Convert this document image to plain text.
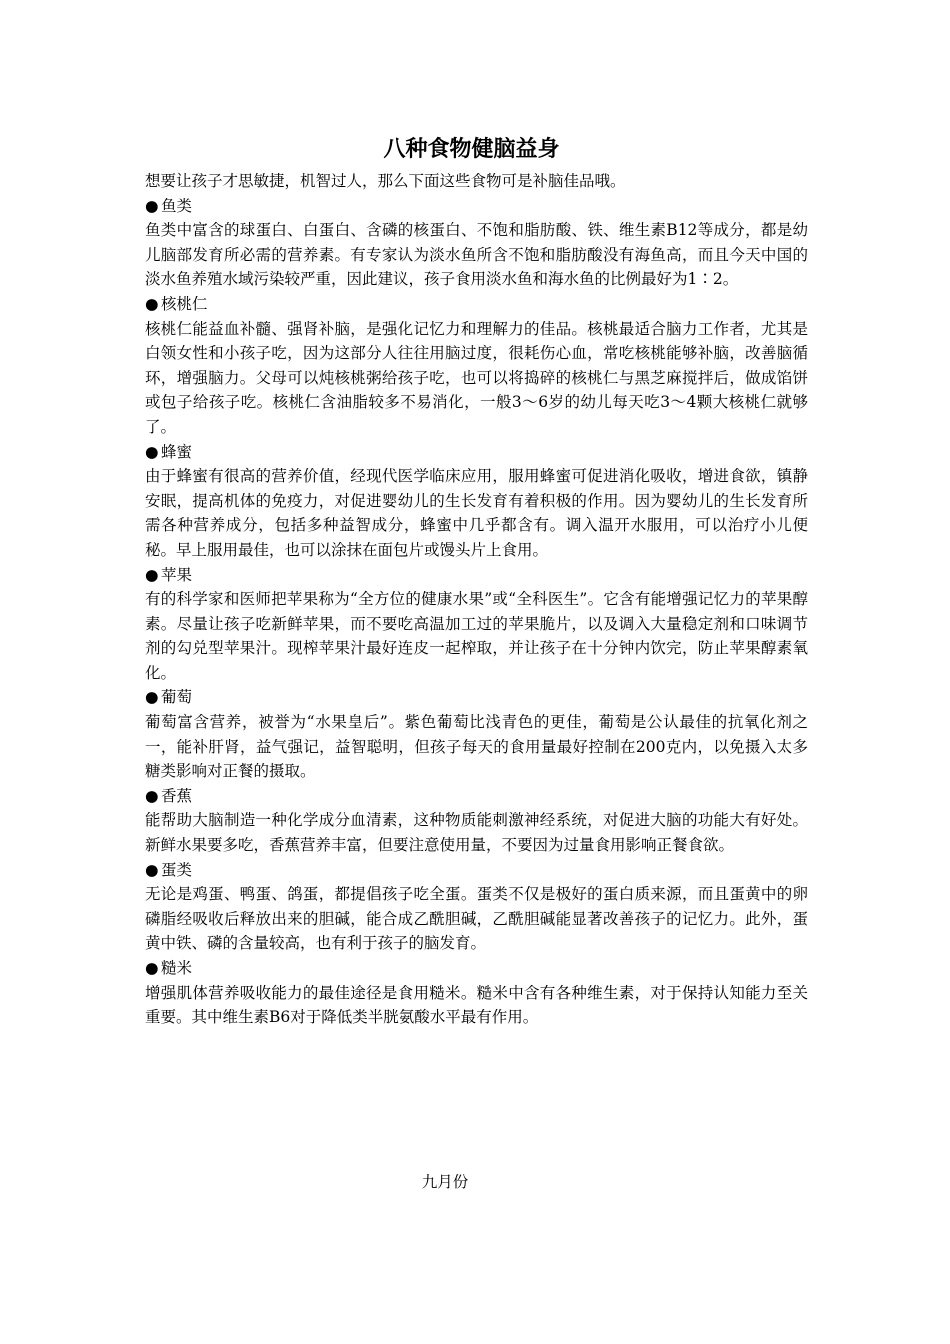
八种食物健脑益身

想要让孩子才思敏捷，机智过人，那么下面这些食物可是补脑佳品哦。

● 鱼类

鱼类中富含的球蛋白、白蛋白、含磷的核蛋白、不饱和脂肪酸、铁、维生素B12等成分，都是幼儿脑部发育所必需的营养素。有专家认为淡水鱼所含不饱和脂肪酸没有海鱼高，而且今天中国的淡水鱼养殖水域污染较严重，因此建议，孩子食用淡水鱼和海水鱼的比例最好为1∶2。

● 核桃仁

核桃仁能益血补髓、强肾补脑，是强化记忆力和理解力的佳品。核桃最适合脑力工作者，尤其是白领女性和小孩子吃，因为这部分人往往用脑过度，很耗伤心血，常吃核桃能够补脑，改善脑循环，增强脑力。父母可以炖核桃粥给孩子吃，也可以将捣碎的核桃仁与黑芝麻搅拌后，做成馅饼或包子给孩子吃。核桃仁含油脂较多不易消化，一般3～6岁的幼儿每天吃3～4颗大核桃仁就够了。

● 蜂蜜

由于蜂蜜有很高的营养价值，经现代医学临床应用，服用蜂蜜可促进消化吸收，增进食欲，镇静安眠，提高机体的免疫力，对促进婴幼儿的生长发育有着积极的作用。因为婴幼儿的生长发育所需各种营养成分，包括多种益智成分，蜂蜜中几乎都含有。调入温开水服用，可以治疗小儿便秘。早上服用最佳，也可以涂抹在面包片或馒头片上食用。

● 苹果

有的科学家和医师把苹果称为“全方位的健康水果”或“全科医生”。它含有能增强记忆力的苹果醇素。尽量让孩子吃新鲜苹果，而不要吃高温加工过的苹果脆片，以及调入大量稳定剂和口味调节剂的勾兑型苹果汁。现榨苹果汁最好连皮一起榨取，并让孩子在十分钟内饮完，防止苹果醇素氧化。

● 葡萄

葡萄富含营养，被誉为“水果皇后”。紫色葡萄比浅青色的更佳，葡萄是公认最佳的抗氧化剂之一，能补肝肾，益气强记，益智聪明，但孩子每天的食用量最好控制在200克内，以免摄入太多糖类影响对正餐的摄取。

● 香蕉

能帮助大脑制造一种化学成分血清素，这种物质能刺激神经系统，对促进大脑的功能大有好处。新鲜水果要多吃，香蕉营养丰富，但要注意使用量，不要因为过量食用影响正餐食欲。

● 蛋类

无论是鸡蛋、鸭蛋、鸽蛋，都提倡孩子吃全蛋。蛋类不仅是极好的蛋白质来源，而且蛋黄中的卵磷脂经吸收后释放出来的胆碱，能合成乙酰胆碱，乙酰胆碱能显著改善孩子的记忆力。此外，蛋黄中铁、磷的含量较高，也有利于孩子的脑发育。

● 糙米

增强肌体营养吸收能力的最佳途径是食用糙米。糙米中含有各种维生素，对于保持认知能力至关重要。其中维生素B6对于降低类半胱氨酸水平最有作用。

九月份
